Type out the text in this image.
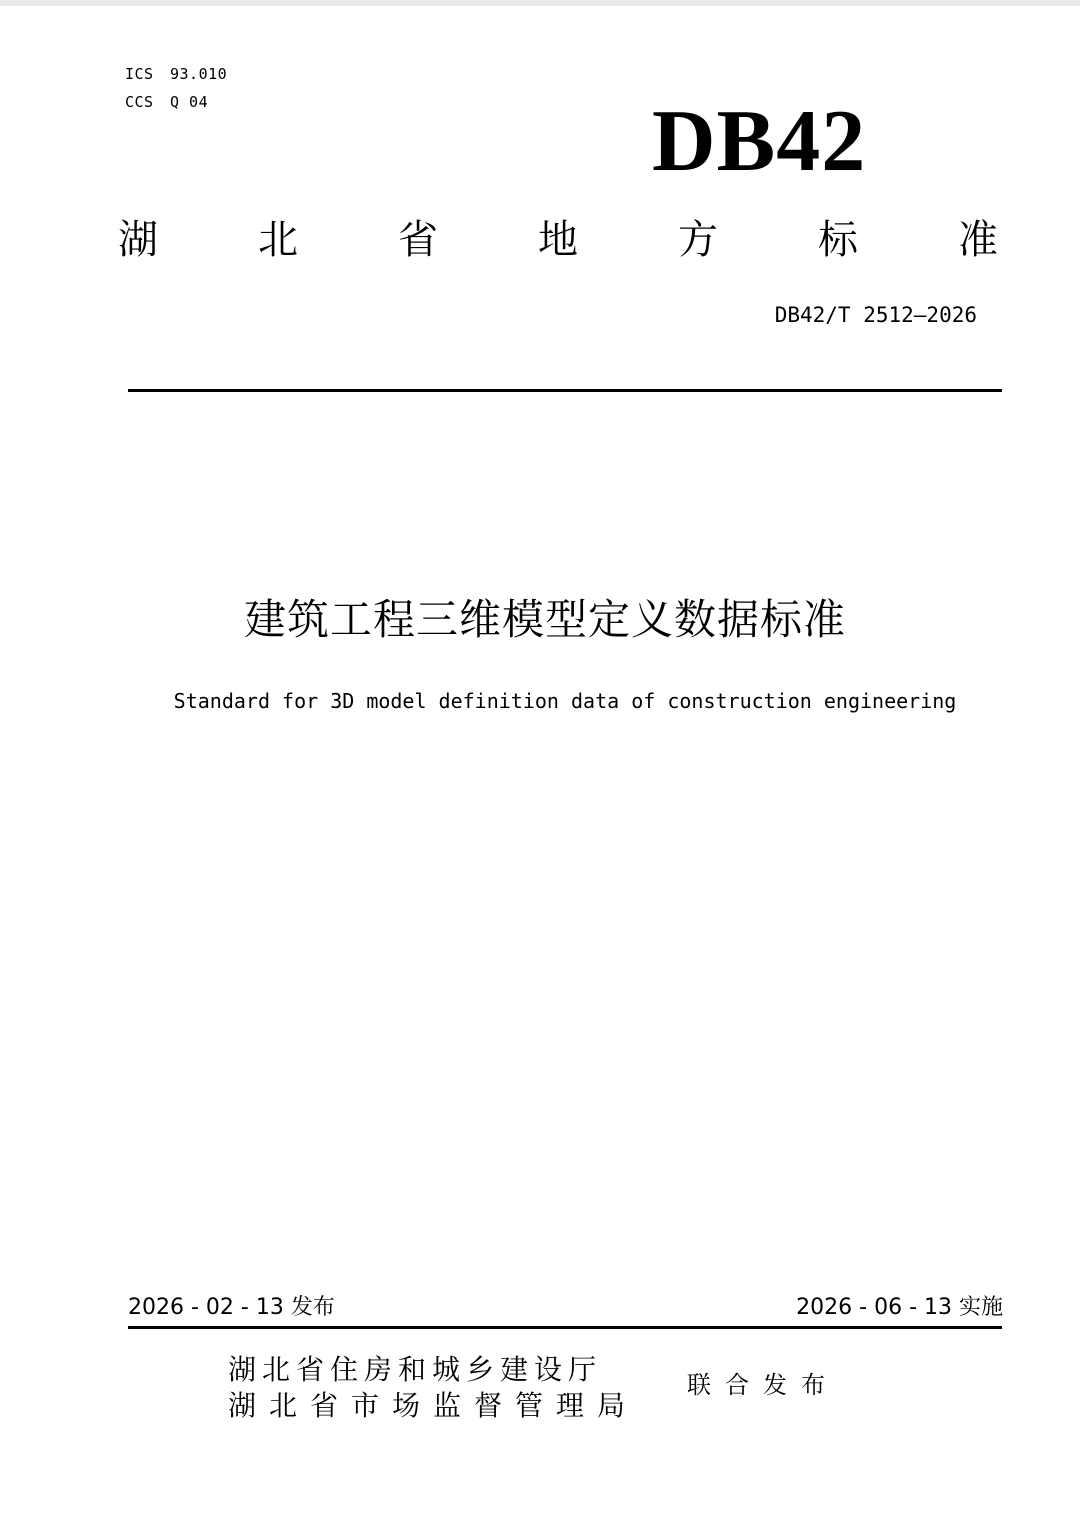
ICS 93.010
CCS Q 04	DB42
湖	北	省	地	方	标	准
DB42/T 2512—2026
建筑工程三维模型定义数据标准
Standard for 3D model definition data of construction engineering
2026 - 02 - 13 发布	2026 - 06 - 13 实施
湖北省住房和城乡建设厅
湖北省市场监督管理局
联合发布
